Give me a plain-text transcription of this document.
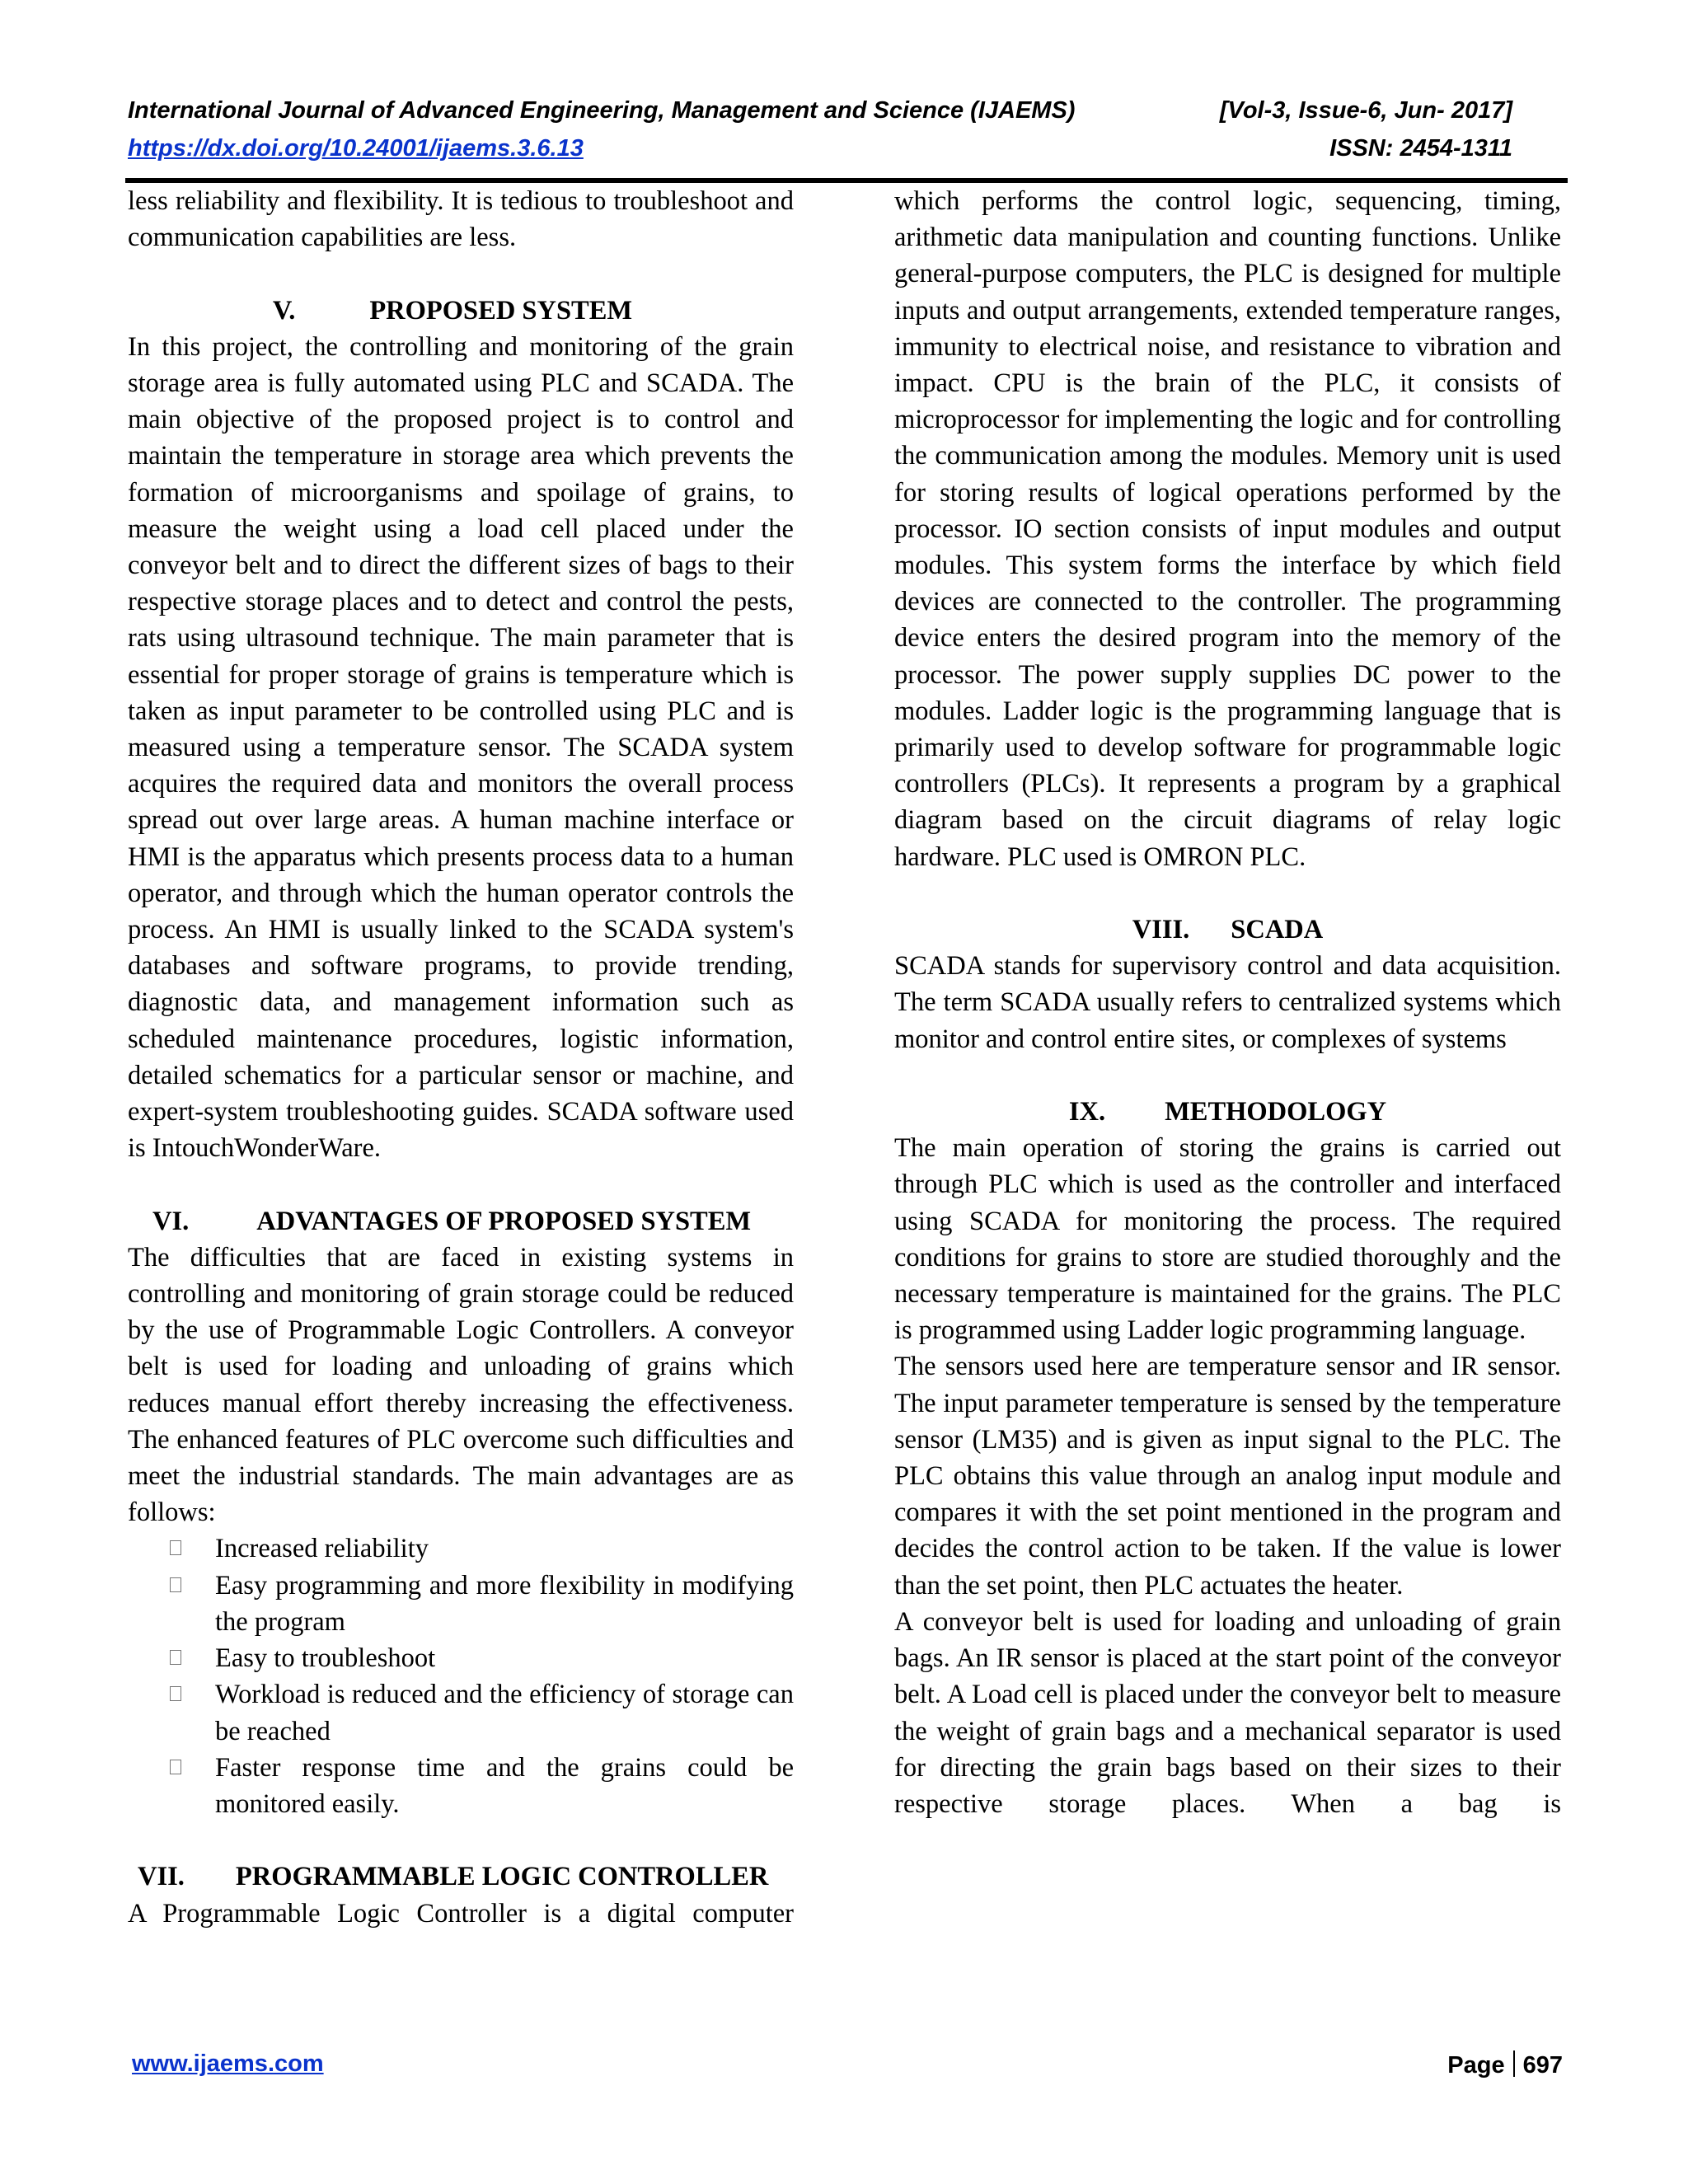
International Journal of Advanced Engineering, Management and Science (IJAEMS)	[Vol-3, Issue-6, Jun- 2017]
https://dx.doi.org/10.24001/ijaems.3.6.13	ISSN: 2454-1311

less reliability and flexibility. It is tedious to troubleshoot and communication capabilities are less.

V.	PROPOSED SYSTEM

In this project, the controlling and monitoring of the grain storage area is fully automated using PLC and SCADA. The main objective of the proposed project is to control and maintain the temperature in storage area which prevents the formation of microorganisms and spoilage of grains, to measure the weight using a load cell placed under the conveyor belt and to direct the different sizes of bags to their respective storage places and to detect and control the pests, rats using ultrasound technique. The main parameter that is essential for proper storage of grains is temperature which is taken as input parameter to be controlled using PLC and is measured using a temperature sensor. The SCADA system acquires the required data and monitors the overall process spread out over large areas. A human machine interface or HMI is the apparatus which presents process data to a human operator, and through which the human operator controls the process. An HMI is usually linked to the SCADA system's databases and software programs, to provide trending, diagnostic data, and management information such as scheduled maintenance procedures, logistic information, detailed schematics for a particular sensor or machine, and expert-system troubleshooting guides. SCADA software used is IntouchWonderWare.

VI.	ADVANTAGES OF PROPOSED SYSTEM

The difficulties that are faced in existing systems in controlling and monitoring of grain storage could be reduced by the use of Programmable Logic Controllers. A conveyor belt is used for loading and unloading of grains which reduces manual effort thereby increasing the effectiveness. The enhanced features of PLC overcome such difficulties and meet the industrial standards. The main advantages are as follows:

Increased reliability
Easy programming and more flexibility in modifying the program
Easy to troubleshoot
Workload is reduced and the efficiency of storage can be reached
Faster response time and the grains could be monitored easily.
VII. PROGRAMMABLE LOGIC CONTROLLER

A Programmable Logic Controller is a digital computer

which performs the control logic, sequencing, timing, arithmetic data manipulation and counting functions. Unlike general-purpose computers, the PLC is designed for multiple inputs and output arrangements, extended temperature ranges, immunity to electrical noise, and resistance to vibration and impact. CPU is the brain of the PLC, it consists of microprocessor for implementing the logic and for controlling the communication among the modules. Memory unit is used for storing results of logical operations performed by the processor. IO section consists of input modules and output modules. This system forms the interface by which field devices are connected to the controller. The programming device enters the desired program into the memory of the processor. The power supply supplies DC power to the modules. Ladder logic is the programming language that is primarily used to develop software for programmable logic controllers (PLCs). It represents a program by a graphical diagram based on the circuit diagrams of relay logic hardware. PLC used is OMRON PLC.

VIII. SCADA

SCADA stands for supervisory control and data acquisition. The term SCADA usually refers to centralized systems which monitor and control entire sites, or complexes of systems

IX. METHODOLOGY

The main operation of storing the grains is carried out through PLC which is used as the controller and interfaced using SCADA for monitoring the process. The required conditions for grains to store are studied thoroughly and the necessary temperature is maintained for the grains. The PLC is programmed using Ladder logic programming language.

The sensors used here are temperature sensor and IR sensor. The input parameter temperature is sensed by the temperature sensor (LM35) and is given as input signal to the PLC. The PLC obtains this value through an analog input module and compares it with the set point mentioned in the program and decides the control action to be taken. If the value is lower than the set point, then PLC actuates the heater.

A conveyor belt is used for loading and unloading of grain bags. An IR sensor is placed at the start point of the conveyor belt. A Load cell is placed under the conveyor belt to measure the weight of grain bags and a mechanical separator is used for directing the grain bags based on their sizes to their respective storage places. When a bag is

www.ijaems.com	Page 697
